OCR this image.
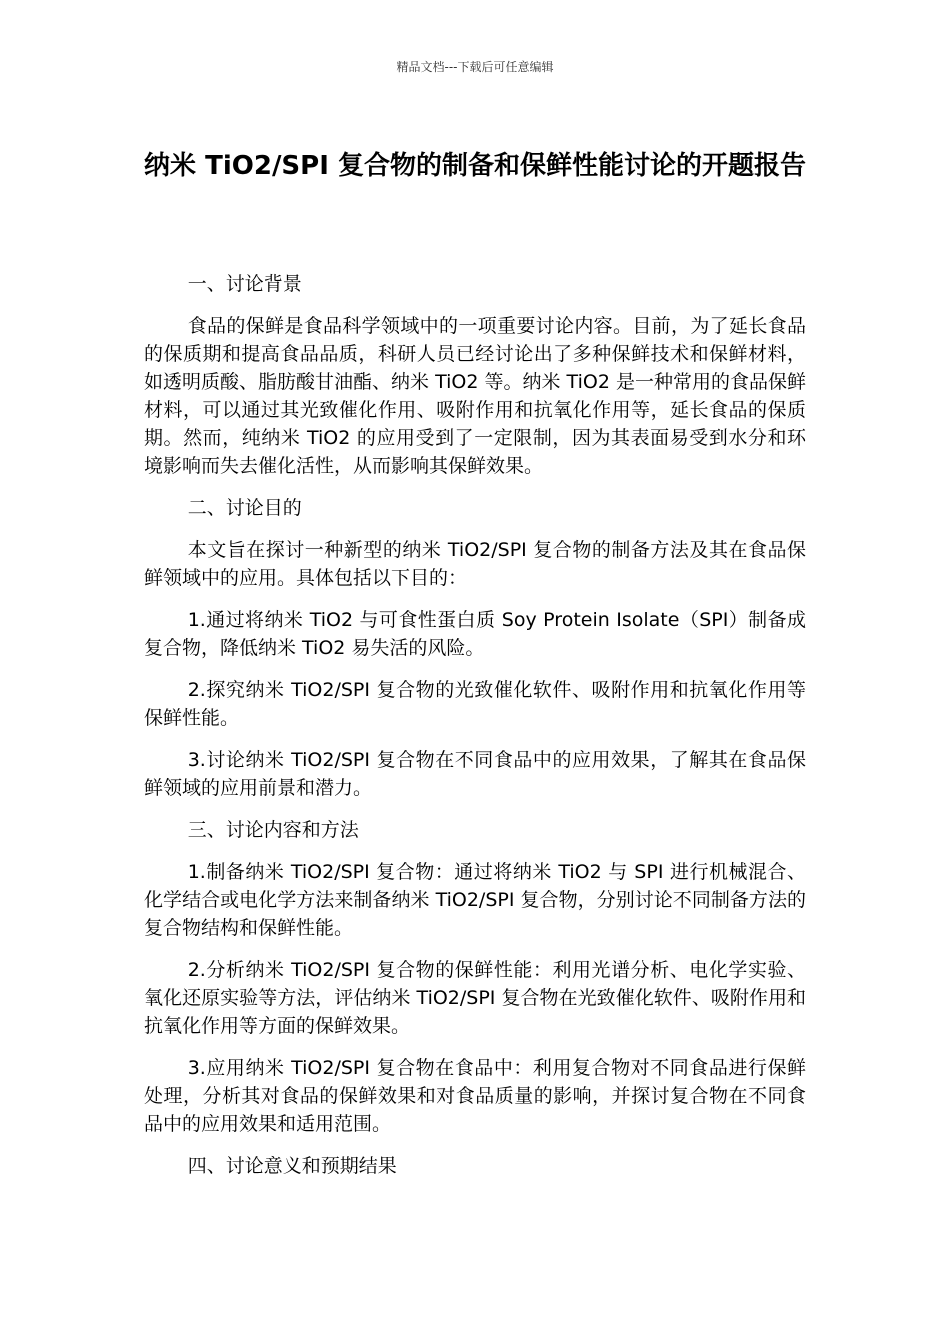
精品文档---下载后可任意编辑
纳米 TiO2/SPI 复合物的制备和保鲜性能讨论的开题报告

一、讨论背景

食品的保鲜是食品科学领域中的一项重要讨论内容。目前，为了延长食品的保质期和提高食品品质，科研人员已经讨论出了多种保鲜技术和保鲜材料，如透明质酸、脂肪酸甘油酯、纳米 TiO2 等。纳米 TiO2 是一种常用的食品保鲜材料，可以通过其光致催化作用、吸附作用和抗氧化作用等，延长食品的保质期。然而，纯纳米 TiO2 的应用受到了一定限制，因为其表面易受到水分和环境影响而失去催化活性，从而影响其保鲜效果。

二、讨论目的

本文旨在探讨一种新型的纳米 TiO2/SPI 复合物的制备方法及其在食品保鲜领域中的应用。具体包括以下目的：

1.通过将纳米 TiO2 与可食性蛋白质 Soy Protein Isolate（SPI）制备成复合物，降低纳米 TiO2 易失活的风险。

2.探究纳米 TiO2/SPI 复合物的光致催化软件、吸附作用和抗氧化作用等保鲜性能。

3.讨论纳米 TiO2/SPI 复合物在不同食品中的应用效果，了解其在食品保鲜领域的应用前景和潜力。

三、讨论内容和方法

1.制备纳米 TiO2/SPI 复合物：通过将纳米 TiO2 与 SPI 进行机械混合、化学结合或电化学方法来制备纳米 TiO2/SPI 复合物，分别讨论不同制备方法的复合物结构和保鲜性能。

2.分析纳米 TiO2/SPI 复合物的保鲜性能：利用光谱分析、电化学实验、氧化还原实验等方法，评估纳米 TiO2/SPI 复合物在光致催化软件、吸附作用和抗氧化作用等方面的保鲜效果。

3.应用纳米 TiO2/SPI 复合物在食品中：利用复合物对不同食品进行保鲜处理，分析其对食品的保鲜效果和对食品质量的影响，并探讨复合物在不同食品中的应用效果和适用范围。

四、讨论意义和预期结果
